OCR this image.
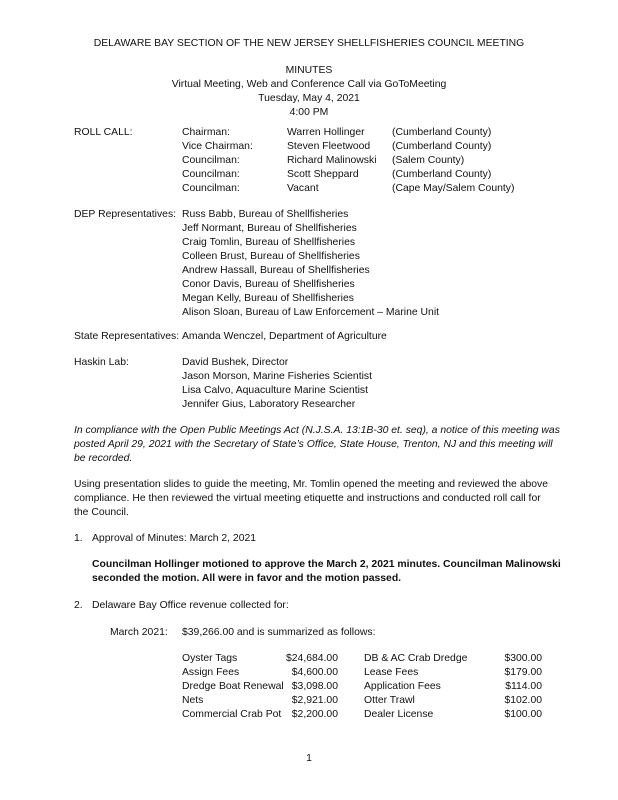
DELAWARE BAY SECTION OF THE NEW JERSEY SHELLFISHERIES COUNCIL MEETING
MINUTES
Virtual Meeting, Web and Conference Call via GoToMeeting
Tuesday, May 4, 2021
4:00 PM
ROLL CALL:	Chairman:	Warren Hollinger	(Cumberland County)
Vice Chairman:	Steven Fleetwood (Cumberland County)
Councilman:	Richard Malinowski (Salem County)
Councilman:	Scott Sheppard	(Cumberland County)
Councilman:	Vacant	(Cape May/Salem County)
DEP Representatives: Russ Babb, Bureau of Shellfisheries
Jeff Normant, Bureau of Shellfisheries
Craig Tomlin, Bureau of Shellfisheries
Colleen Brust, Bureau of Shellfisheries
Andrew Hassall, Bureau of Shellfisheries
Conor Davis, Bureau of Shellfisheries
Megan Kelly, Bureau of Shellfisheries
Alison Sloan, Bureau of Law Enforcement – Marine Unit
State Representatives: Amanda Wenczel, Department of Agriculture
Haskin Lab:	David Bushek, Director
Jason Morson, Marine Fisheries Scientist
Lisa Calvo, Aquaculture Marine Scientist
Jennifer Gius, Laboratory Researcher
In compliance with the Open Public Meetings Act (N.J.S.A. 13:1B-30 et. seq), a notice of this meeting was
posted April 29, 2021 with the Secretary of State’s Office, State House, Trenton, NJ and this meeting will
be recorded.
Using presentation slides to guide the meeting, Mr. Tomlin opened the meeting and reviewed the above
compliance. He then reviewed the virtual meeting etiquette and instructions and conducted roll call for
the Council.
1. Approval of Minutes: March 2, 2021
Councilman Hollinger motioned to approve the March 2, 2021 minutes. Councilman Malinowski
seconded the motion. All were in favor and the motion passed.
2. Delaware Bay Office revenue collected for:
March 2021: $39,266.00 and is summarized as follows:
Oyster Tags	$24,684.00	DB & AC Crab Dredge	$300.00
Assign Fees	$4,600.00	Lease Fees	$179.00
Dredge Boat Renewal $3,098.00	Application Fees	$114.00
Nets	$2,921.00	Otter Trawl	$102.00
Commercial Crab Pot	$2,200.00	Dealer License	$100.00
1
